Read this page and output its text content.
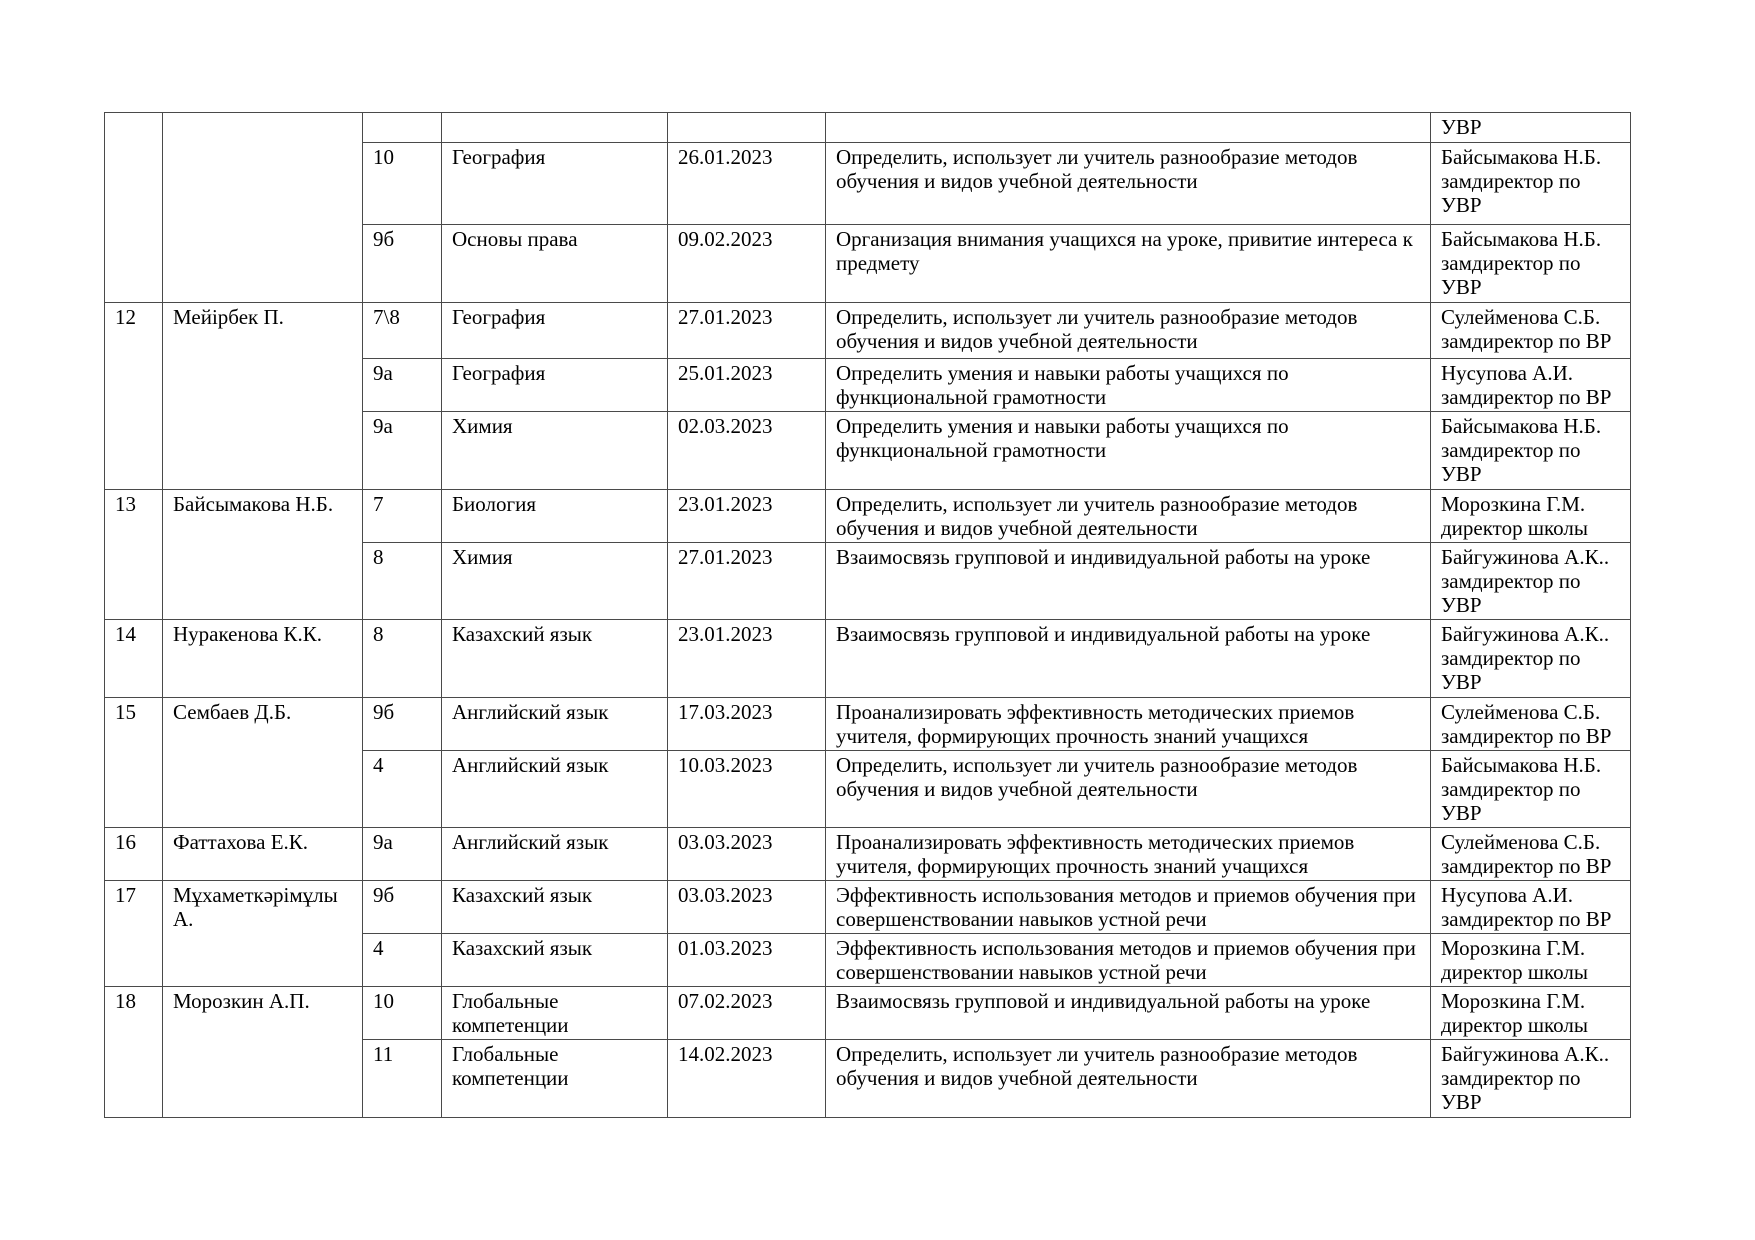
						УВР
		10	География	26.01.2023	Определить, использует ли учитель разнообразие методов обучения и видов учебной деятельности	Байсымакова Н.Б. замдиректор по УВР
		9б	Основы права	09.02.2023	Организация внимания учащихся на уроке, привитие интереса к предмету	Байсымакова Н.Б. замдиректор по УВР
12	Мейірбек П.	7\8	География	27.01.2023	Определить, использует ли учитель разнообразие методов обучения и видов учебной деятельности	Сулейменова С.Б. замдиректор по ВР
		9а	География	25.01.2023	Определить умения и навыки работы учащихся по функциональной грамотности	Нусупова А.И. замдиректор по ВР
		9а	Химия	02.03.2023	Определить умения и навыки работы учащихся по функциональной грамотности	Байсымакова Н.Б. замдиректор по УВР
13	Байсымакова Н.Б.	7	Биология	23.01.2023	Определить, использует ли учитель разнообразие методов обучения и видов учебной деятельности	Морозкина Г.М. директор школы
		8	Химия	27.01.2023	Взаимосвязь групповой и индивидуальной работы на уроке	Байгужинова А.К.. замдиректор по УВР
14	Нуракенова К.К.	8	Казахский язык	23.01.2023	Взаимосвязь групповой и индивидуальной работы на уроке	Байгужинова А.К.. замдиректор по УВР
15	Сембаев Д.Б.	9б	Английский язык	17.03.2023	Проанализировать эффективность методических приемов учителя, формирующих прочность знаний учащихся	Сулейменова С.Б. замдиректор по ВР
		4	Английский язык	10.03.2023	Определить, использует ли учитель разнообразие методов обучения и видов учебной деятельности	Байсымакова Н.Б. замдиректор по УВР
16	Фаттахова Е.К.	9а	Английский язык	03.03.2023	Проанализировать эффективность методических приемов учителя, формирующих прочность знаний учащихся	Сулейменова С.Б. замдиректор по ВР
17	Мұхаметкәрімұлы А.	9б	Казахский язык	03.03.2023	Эффективность использования методов и приемов обучения при совершенствовании навыков устной речи	Нусупова А.И. замдиректор по ВР
		4	Казахский язык	01.03.2023	Эффективность использования методов и приемов обучения при совершенствовании навыков устной речи	Морозкина Г.М. директор школы
18	Морозкин А.П.	10	Глобальные компетенции	07.02.2023	Взаимосвязь групповой и индивидуальной работы на уроке	Морозкина Г.М. директор школы
		11	Глобальные компетенции	14.02.2023	Определить, использует ли учитель разнообразие методов обучения и видов учебной деятельности	Байгужинова А.К.. замдиректор по УВР
